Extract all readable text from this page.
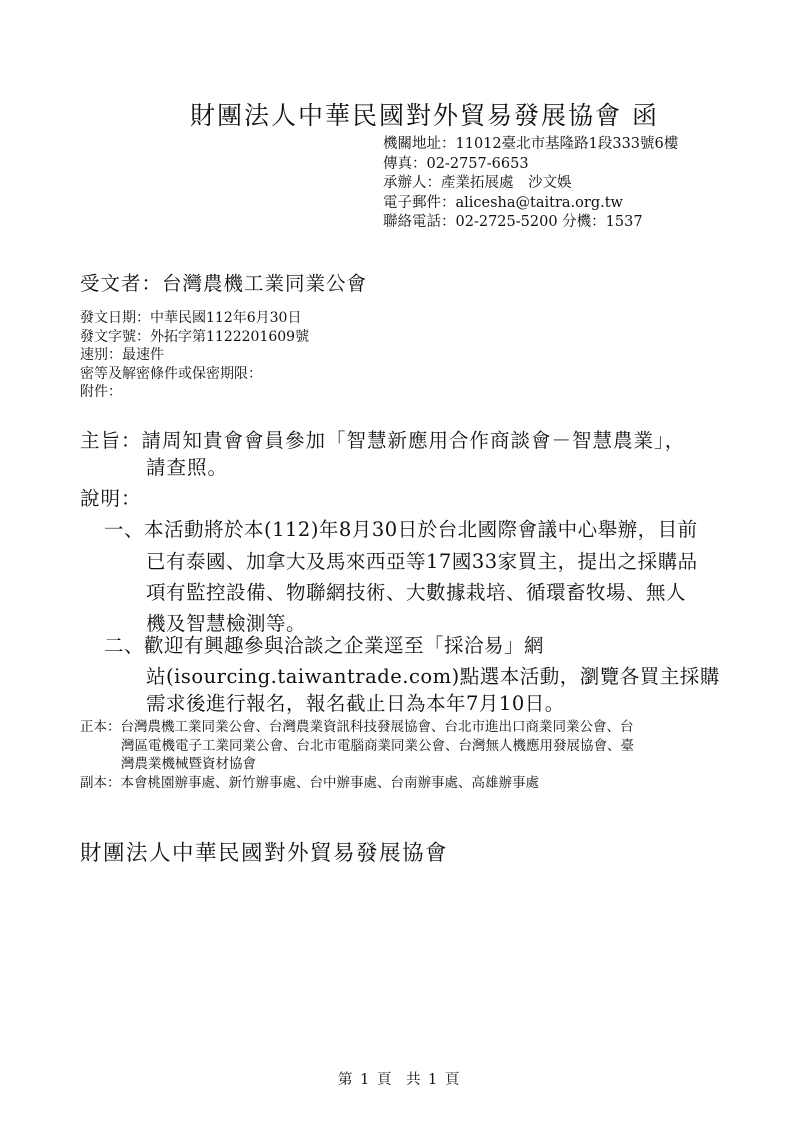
財團法人中華民國對外貿易發展協會 函
機關地址：11012臺北市基隆路1段333號6樓
傳真：02-2757-6653
承辦人：產業拓展處　沙文娛
電子郵件：alicesha@taitra.org.tw
聯絡電話：02-2725-5200 分機：1537
受文者：台灣農機工業同業公會
發文日期：中華民國112年6月30日
發文字號：外拓字第1122201609號
速別：最速件
密等及解密條件或保密期限：
附件：
主旨：請周知貴會會員參加「智慧新應用合作商談會－智慧農業」，
請查照。
說明：
一、本活動將於本(112)年8月30日於台北國際會議中心舉辦，目前
已有泰國、加拿大及馬來西亞等17國33家買主，提出之採購品
項有監控設備、物聯網技術、大數據栽培、循環畜牧場、無人
機及智慧檢測等。
二、歡迎有興趣參與洽談之企業逕至「採洽易」網
站(isourcing.taiwantrade.com)點選本活動，瀏覽各買主採購
需求後進行報名，報名截止日為本年7月10日。
正本：台灣農機工業同業公會、台灣農業資訊科技發展協會、台北市進出口商業同業公會、台
灣區電機電子工業同業公會、台北市電腦商業同業公會、台灣無人機應用發展協會、臺
灣農業機械暨資材協會
副本：本會桃園辦事處、新竹辦事處、台中辦事處、台南辦事處、高雄辦事處
財團法人中華民國對外貿易發展協會
第 1 頁　共 1 頁
